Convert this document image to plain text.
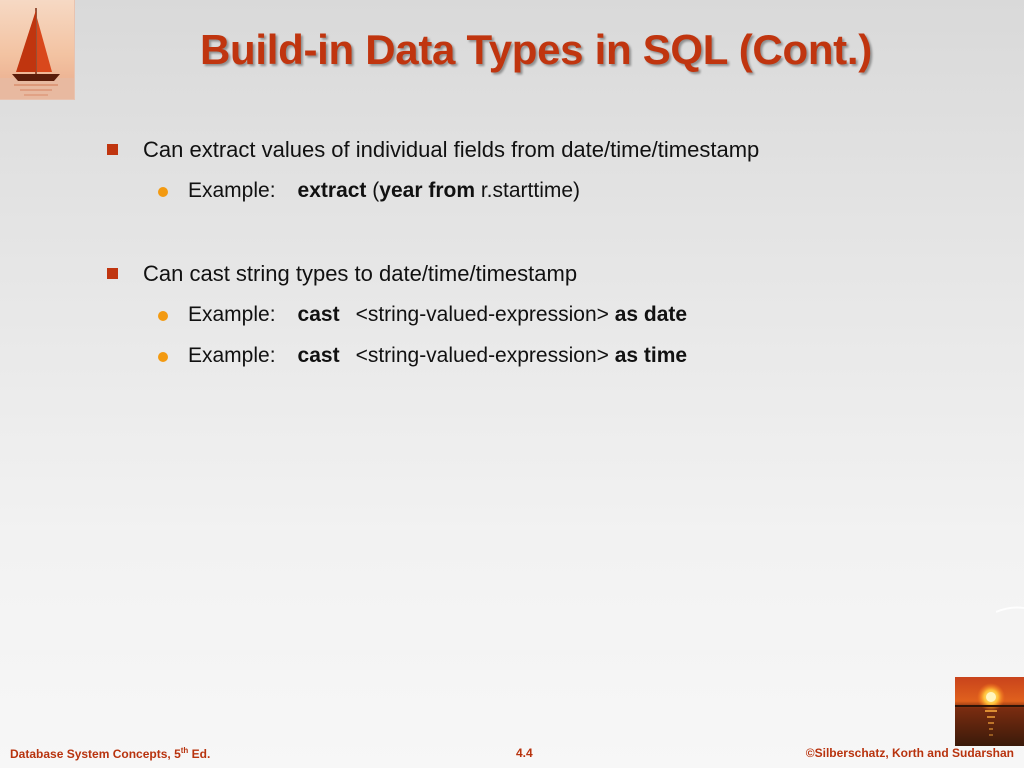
Build-in Data Types in SQL (Cont.)
Can extract values of individual fields from date/time/timestamp
Example: extract (year from r.starttime)
Can cast string types to date/time/timestamp
Example: cast <string-valued-expression> as date
Example: cast <string-valued-expression> as time
Database System Concepts, 5th Ed.	4.4	©Silberschatz, Korth and Sudarshan
